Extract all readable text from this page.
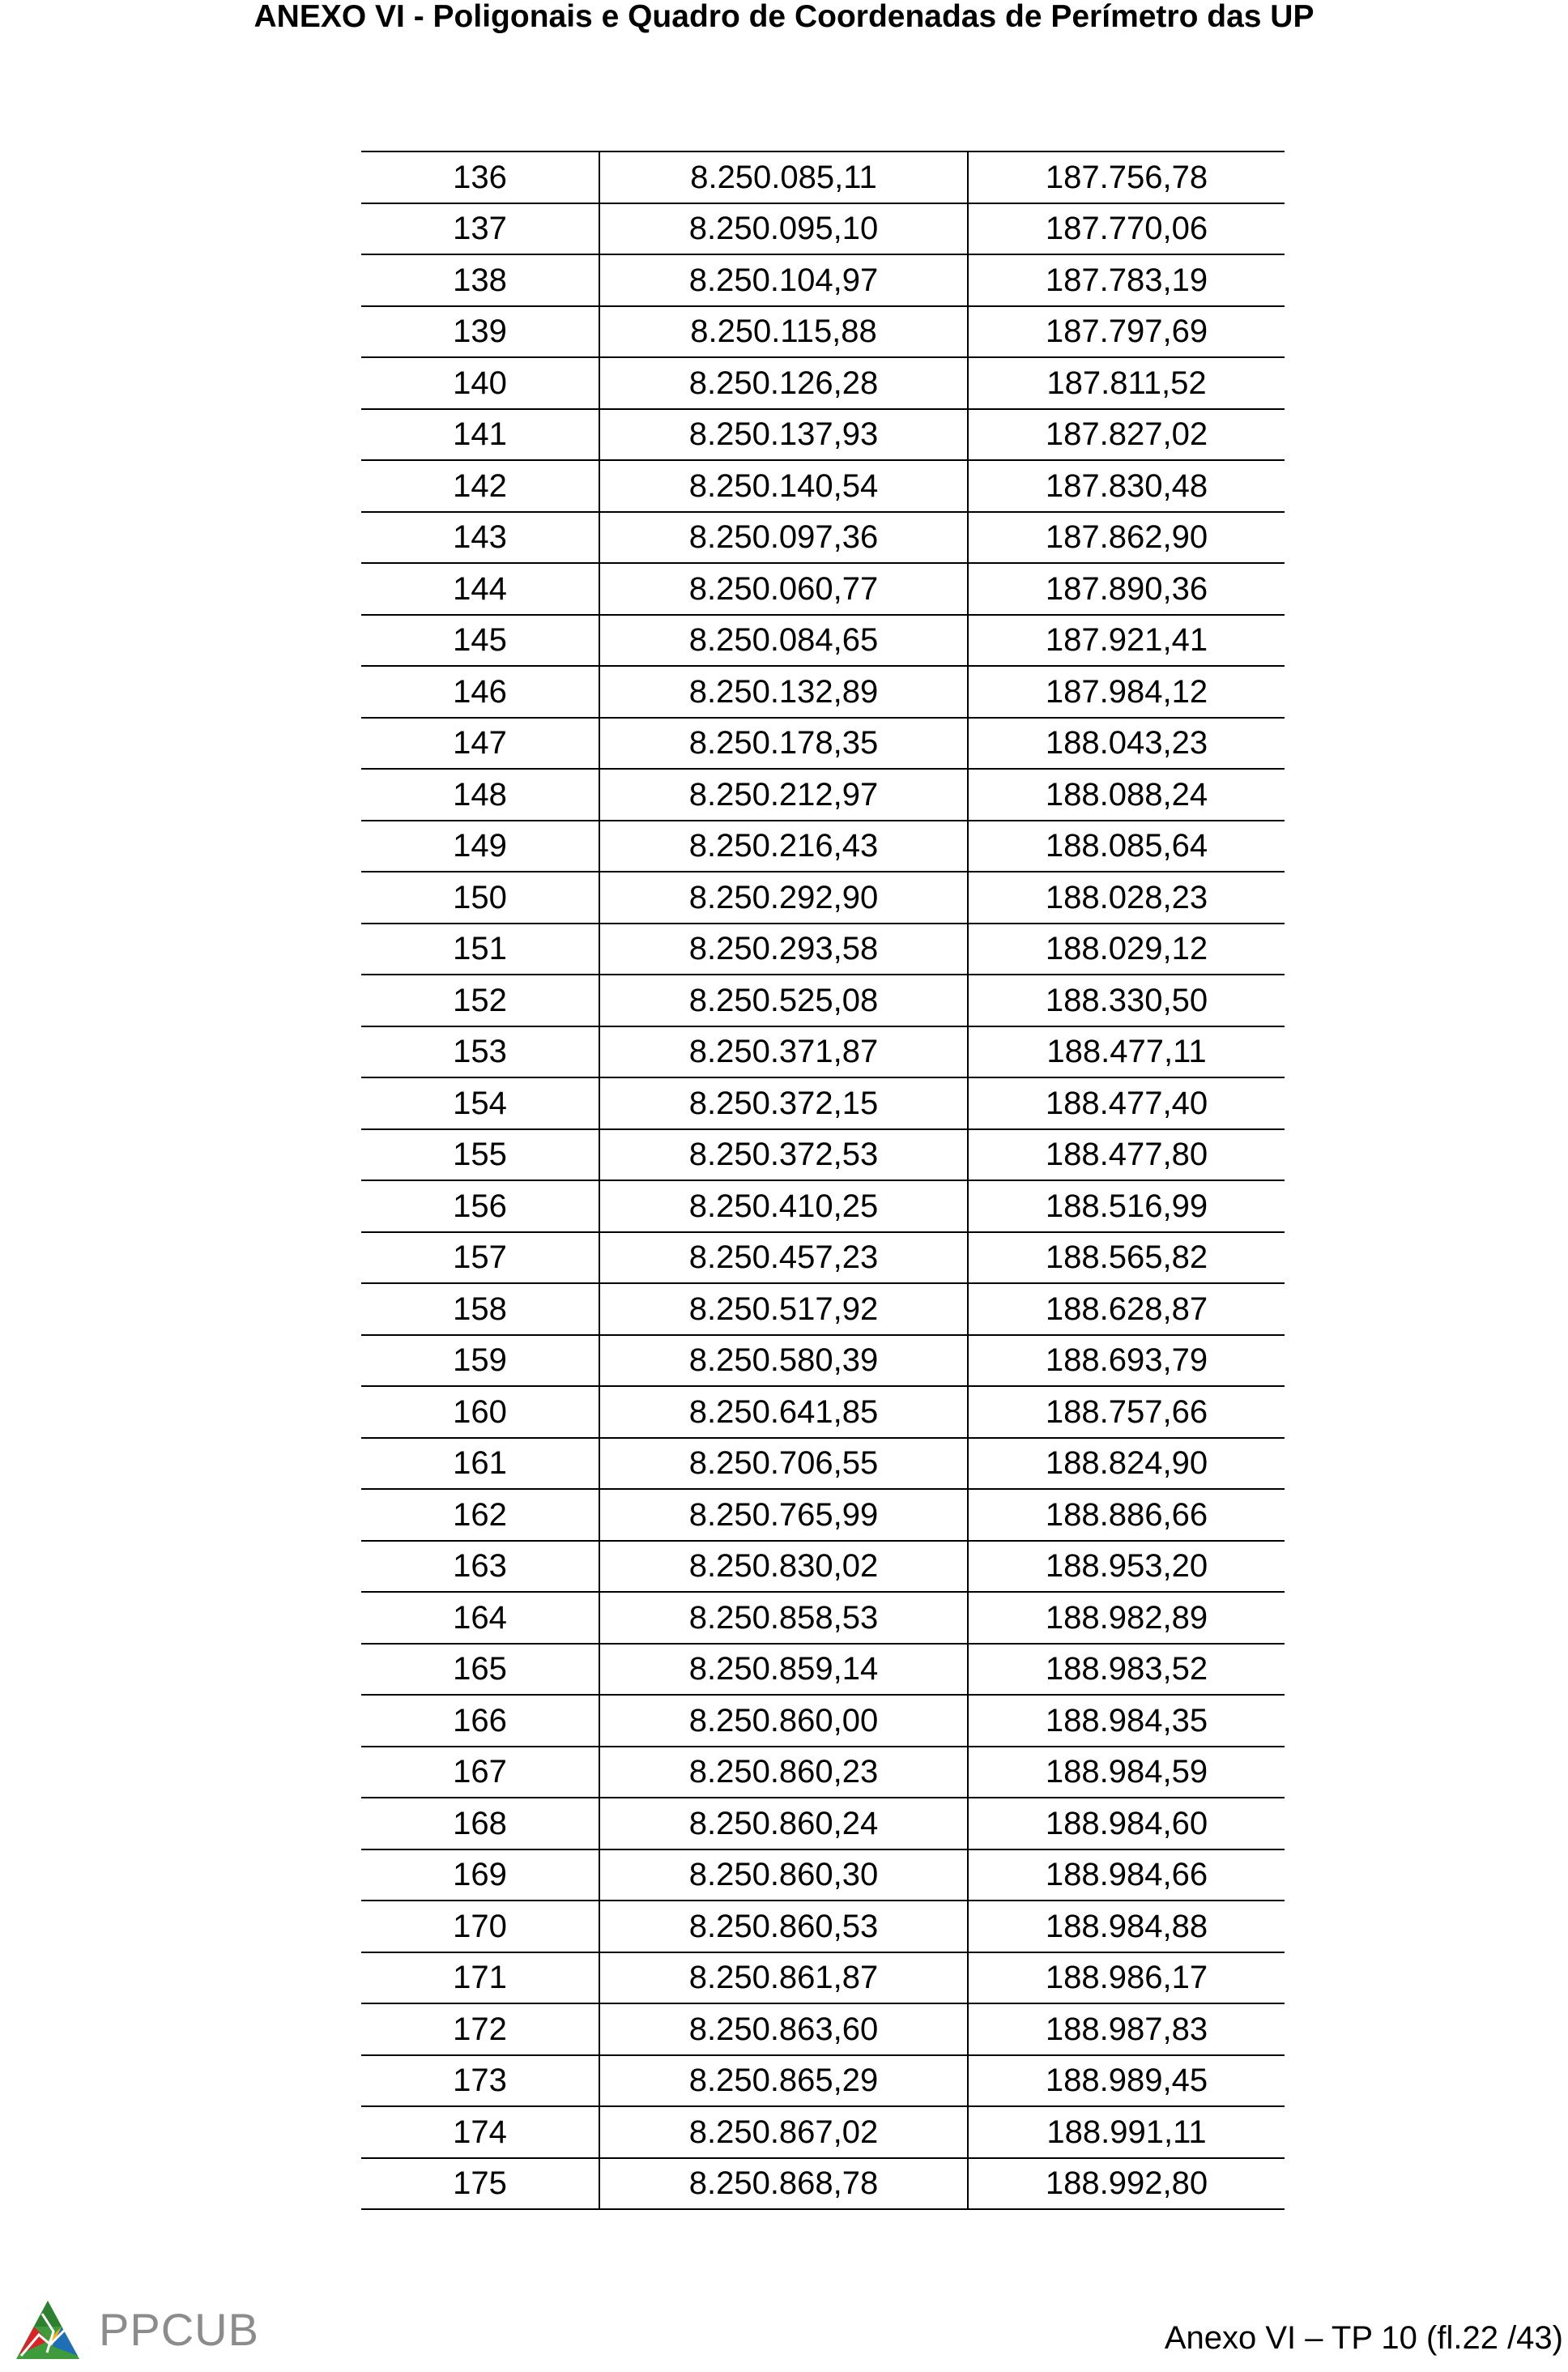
ANEXO VI - Poligonais e Quadro de Coordenadas de Perímetro das UP
136	8.250.085,11	187.756,78
137	8.250.095,10	187.770,06
138	8.250.104,97	187.783,19
139	8.250.115,88	187.797,69
140	8.250.126,28	187.811,52
141	8.250.137,93	187.827,02
142	8.250.140,54	187.830,48
143	8.250.097,36	187.862,90
144	8.250.060,77	187.890,36
145	8.250.084,65	187.921,41
146	8.250.132,89	187.984,12
147	8.250.178,35	188.043,23
148	8.250.212,97	188.088,24
149	8.250.216,43	188.085,64
150	8.250.292,90	188.028,23
151	8.250.293,58	188.029,12
152	8.250.525,08	188.330,50
153	8.250.371,87	188.477,11
154	8.250.372,15	188.477,40
155	8.250.372,53	188.477,80
156	8.250.410,25	188.516,99
157	8.250.457,23	188.565,82
158	8.250.517,92	188.628,87
159	8.250.580,39	188.693,79
160	8.250.641,85	188.757,66
161	8.250.706,55	188.824,90
162	8.250.765,99	188.886,66
163	8.250.830,02	188.953,20
164	8.250.858,53	188.982,89
165	8.250.859,14	188.983,52
166	8.250.860,00	188.984,35
167	8.250.860,23	188.984,59
168	8.250.860,24	188.984,60
169	8.250.860,30	188.984,66
170	8.250.860,53	188.984,88
171	8.250.861,87	188.986,17
172	8.250.863,60	188.987,83
173	8.250.865,29	188.989,45
174	8.250.867,02	188.991,11
175	8.250.868,78	188.992,80
PPCUB	Anexo VI – TP 10 (fl.22 /43)
